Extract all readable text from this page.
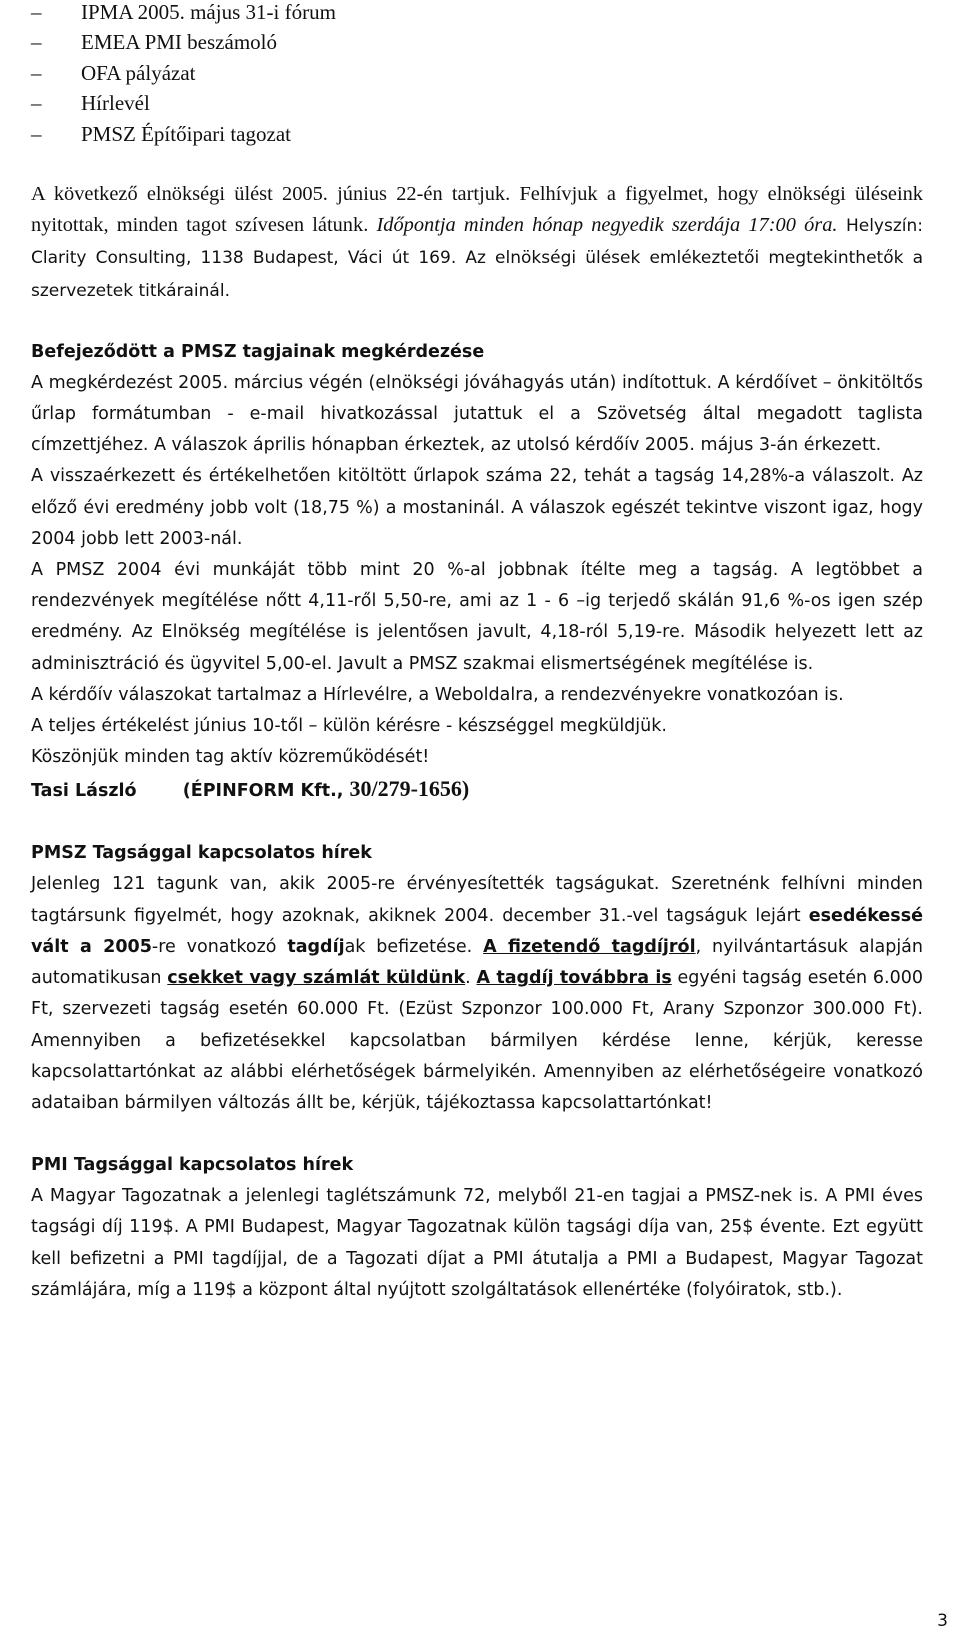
– IPMA 2005. május 31-i fórum
– EMEA PMI beszámoló
– OFA pályázat
– Hírlevél
– PMSZ Építőipari tagozat

A következő elnökségi ülést 2005. június 22-én tartjuk. Felhívjuk a figyelmet, hogy elnökségi üléseink nyitottak, minden tagot szívesen látunk. Időpontja minden hónap negyedik szerdája 17:00 óra. Helyszín: Clarity Consulting, 1138 Budapest, Váci út 169. Az elnökségi ülések emlékeztetői megtekinthetők a szervezetek titkárainál.

Befejeződött a PMSZ tagjainak megkérdezése

A megkérdezést 2005. március végén (elnökségi jóváhagyás után) indítottuk. A kérdőívet – önkitöltős űrlap formátumban - e-mail hivatkozással jutattuk el a Szövetség által megadott taglista címzettjéhez. A válaszok április hónapban érkeztek, az utolsó kérdőív 2005. május 3-án érkezett.

A visszaérkezett és értékelhetően kitöltött űrlapok száma 22, tehát a tagság 14,28%-a válaszolt. Az előző évi eredmény jobb volt (18,75 %) a mostaninál. A válaszok egészét tekintve viszont igaz, hogy 2004 jobb lett 2003-nál.

A PMSZ 2004 évi munkáját több mint 20 %-al jobbnak ítélte meg a tagság. A legtöbbet a rendezvények megítélése nőtt 4,11-ről 5,50-re, ami az 1 - 6 –ig terjedő skálán 91,6 %-os igen szép eredmény. Az Elnökség megítélése is jelentősen javult, 4,18-ról 5,19-re. Második helyezett lett az adminisztráció és ügyvitel 5,00-el. Javult a PMSZ szakmai elismertségének megítélése is.

A kérdőív válaszokat tartalmaz a Hírlevélre, a Weboldalra, a rendezvényekre vonatkozóan is.

A teljes értékelést június 10-től – külön kérésre - készséggel megküldjük.

Köszönjük minden tag aktív közreműködését!

Tasi László	(ÉPINFORM Kft., 30/279-1656)
PMSZ Tagsággal kapcsolatos hírek

Jelenleg 121 tagunk van, akik 2005-re érvényesítették tagságukat. Szeretnénk felhívni minden tagtársunk figyelmét, hogy azoknak, akiknek 2004. december 31.-vel tagságuk lejárt esedékessé vált a 2005-re vonatkozó tagdíjak befizetése. A fizetendő tagdíjról, nyilvántartásuk alapján automatikusan csekket vagy számlát küldünk. A tagdíj továbbra is egyéni tagság esetén 6.000 Ft, szervezeti tagság esetén 60.000 Ft. (Ezüst Szponzor 100.000 Ft, Arany Szponzor 300.000 Ft). Amennyiben a befizetésekkel kapcsolatban bármilyen kérdése lenne, kérjük, keresse kapcsolattartónkat az alábbi elérhetőségek bármelyikén. Amennyiben az elérhetőségeire vonatkozó adataiban bármilyen változás állt be, kérjük, tájékoztassa kapcsolattartónkat!

PMI Tagsággal kapcsolatos hírek

A Magyar Tagozatnak a jelenlegi taglétszámunk 72, melyből 21-en tagjai a PMSZ-nek is. A PMI éves tagsági díj 119$. A PMI Budapest, Magyar Tagozatnak külön tagsági díja van, 25$ évente. Ezt együtt kell befizetni a PMI tagdíjjal, de a Tagozati díjat a PMI átutalja a PMI a Budapest, Magyar Tagozat számlájára, míg a 119$ a központ által nyújtott szolgáltatások ellenértéke (folyóiratok, stb.).

3
